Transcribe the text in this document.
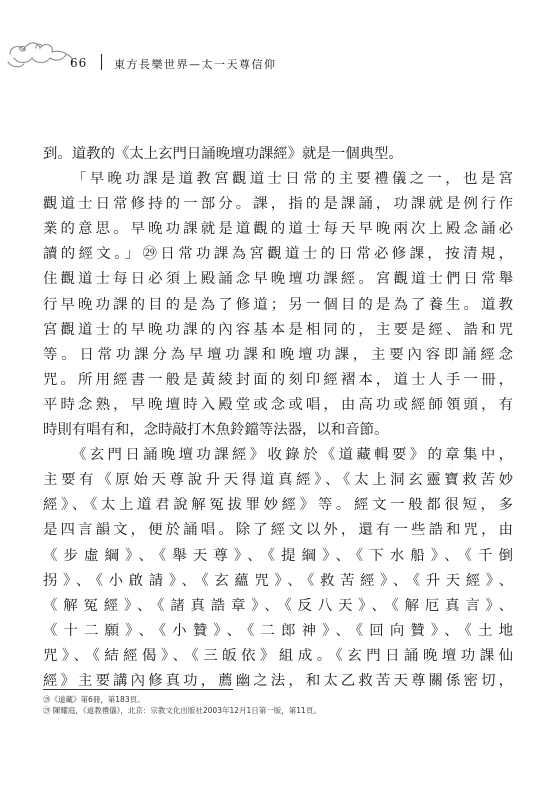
66 東方長樂世界—太一天尊信仰
到。道教的《太上玄門日誦晚壇功課經》就是一個典型。
「早晚功課是道教宮觀道士日常的主要禮儀之一，也是宮
觀道士日常修持的一部分。課，指的是課誦，功課就是例行作
業的意思。早晚功課就是道觀的道士每天早晚兩次上殿念誦必
讀的經文。」㉙日常功課為宮觀道士的日常必修課，按清規，
住觀道士每日必須上殿誦念早晚壇功課經。宮觀道士們日常舉
行早晚功課的目的是為了修道；另一個目的是為了養生。道教
宮觀道士的早晚功課的內容基本是相同的，主要是經、誥和咒
等。日常功課分為早壇功課和晚壇功課，主要內容即誦經念
咒。所用經書一般是黃綾封面的刻印經褶本，道士人手一冊，
平時念熟，早晚壇時入殿堂或念或唱，由高功或經師領頭，有
時則有唱有和，念時敲打木魚鈴鐺等法器，以和音節。
《玄門日誦晚壇功課經》收錄於《道藏輯要》的章集中，
主要有《原始天尊說升天得道真經》、《太上洞玄靈寶救苦妙
經》、《太上道君說解冤拔罪妙經》等。經文一般都很短，多
是四言韻文，便於誦唱。除了經文以外，還有一些誥和咒，由
《步虛綱》、《舉天尊》、《提綱》、《下水船》、《千倒
拐》、《小啟請》、《玄蘊咒》、《救苦經》、《升天經》、
《解冤經》、《諸真誥章》、《反八天》、《解厄真言》、
《十二願》、《小贊》、《二郎神》、《回向贊》、《土地
咒》、《結經偈》、《三皈依》組成。《玄門日誦晚壇功課仙
經》主要講內修真功，薦幽之法，和太乙救苦天尊關係密切，
㉘《道藏》第6冊，第183頁。
㉙ 陳耀庭，《道教禮儀》，北京：宗教文化出版社2003年12月1日第一版，第11頁。
